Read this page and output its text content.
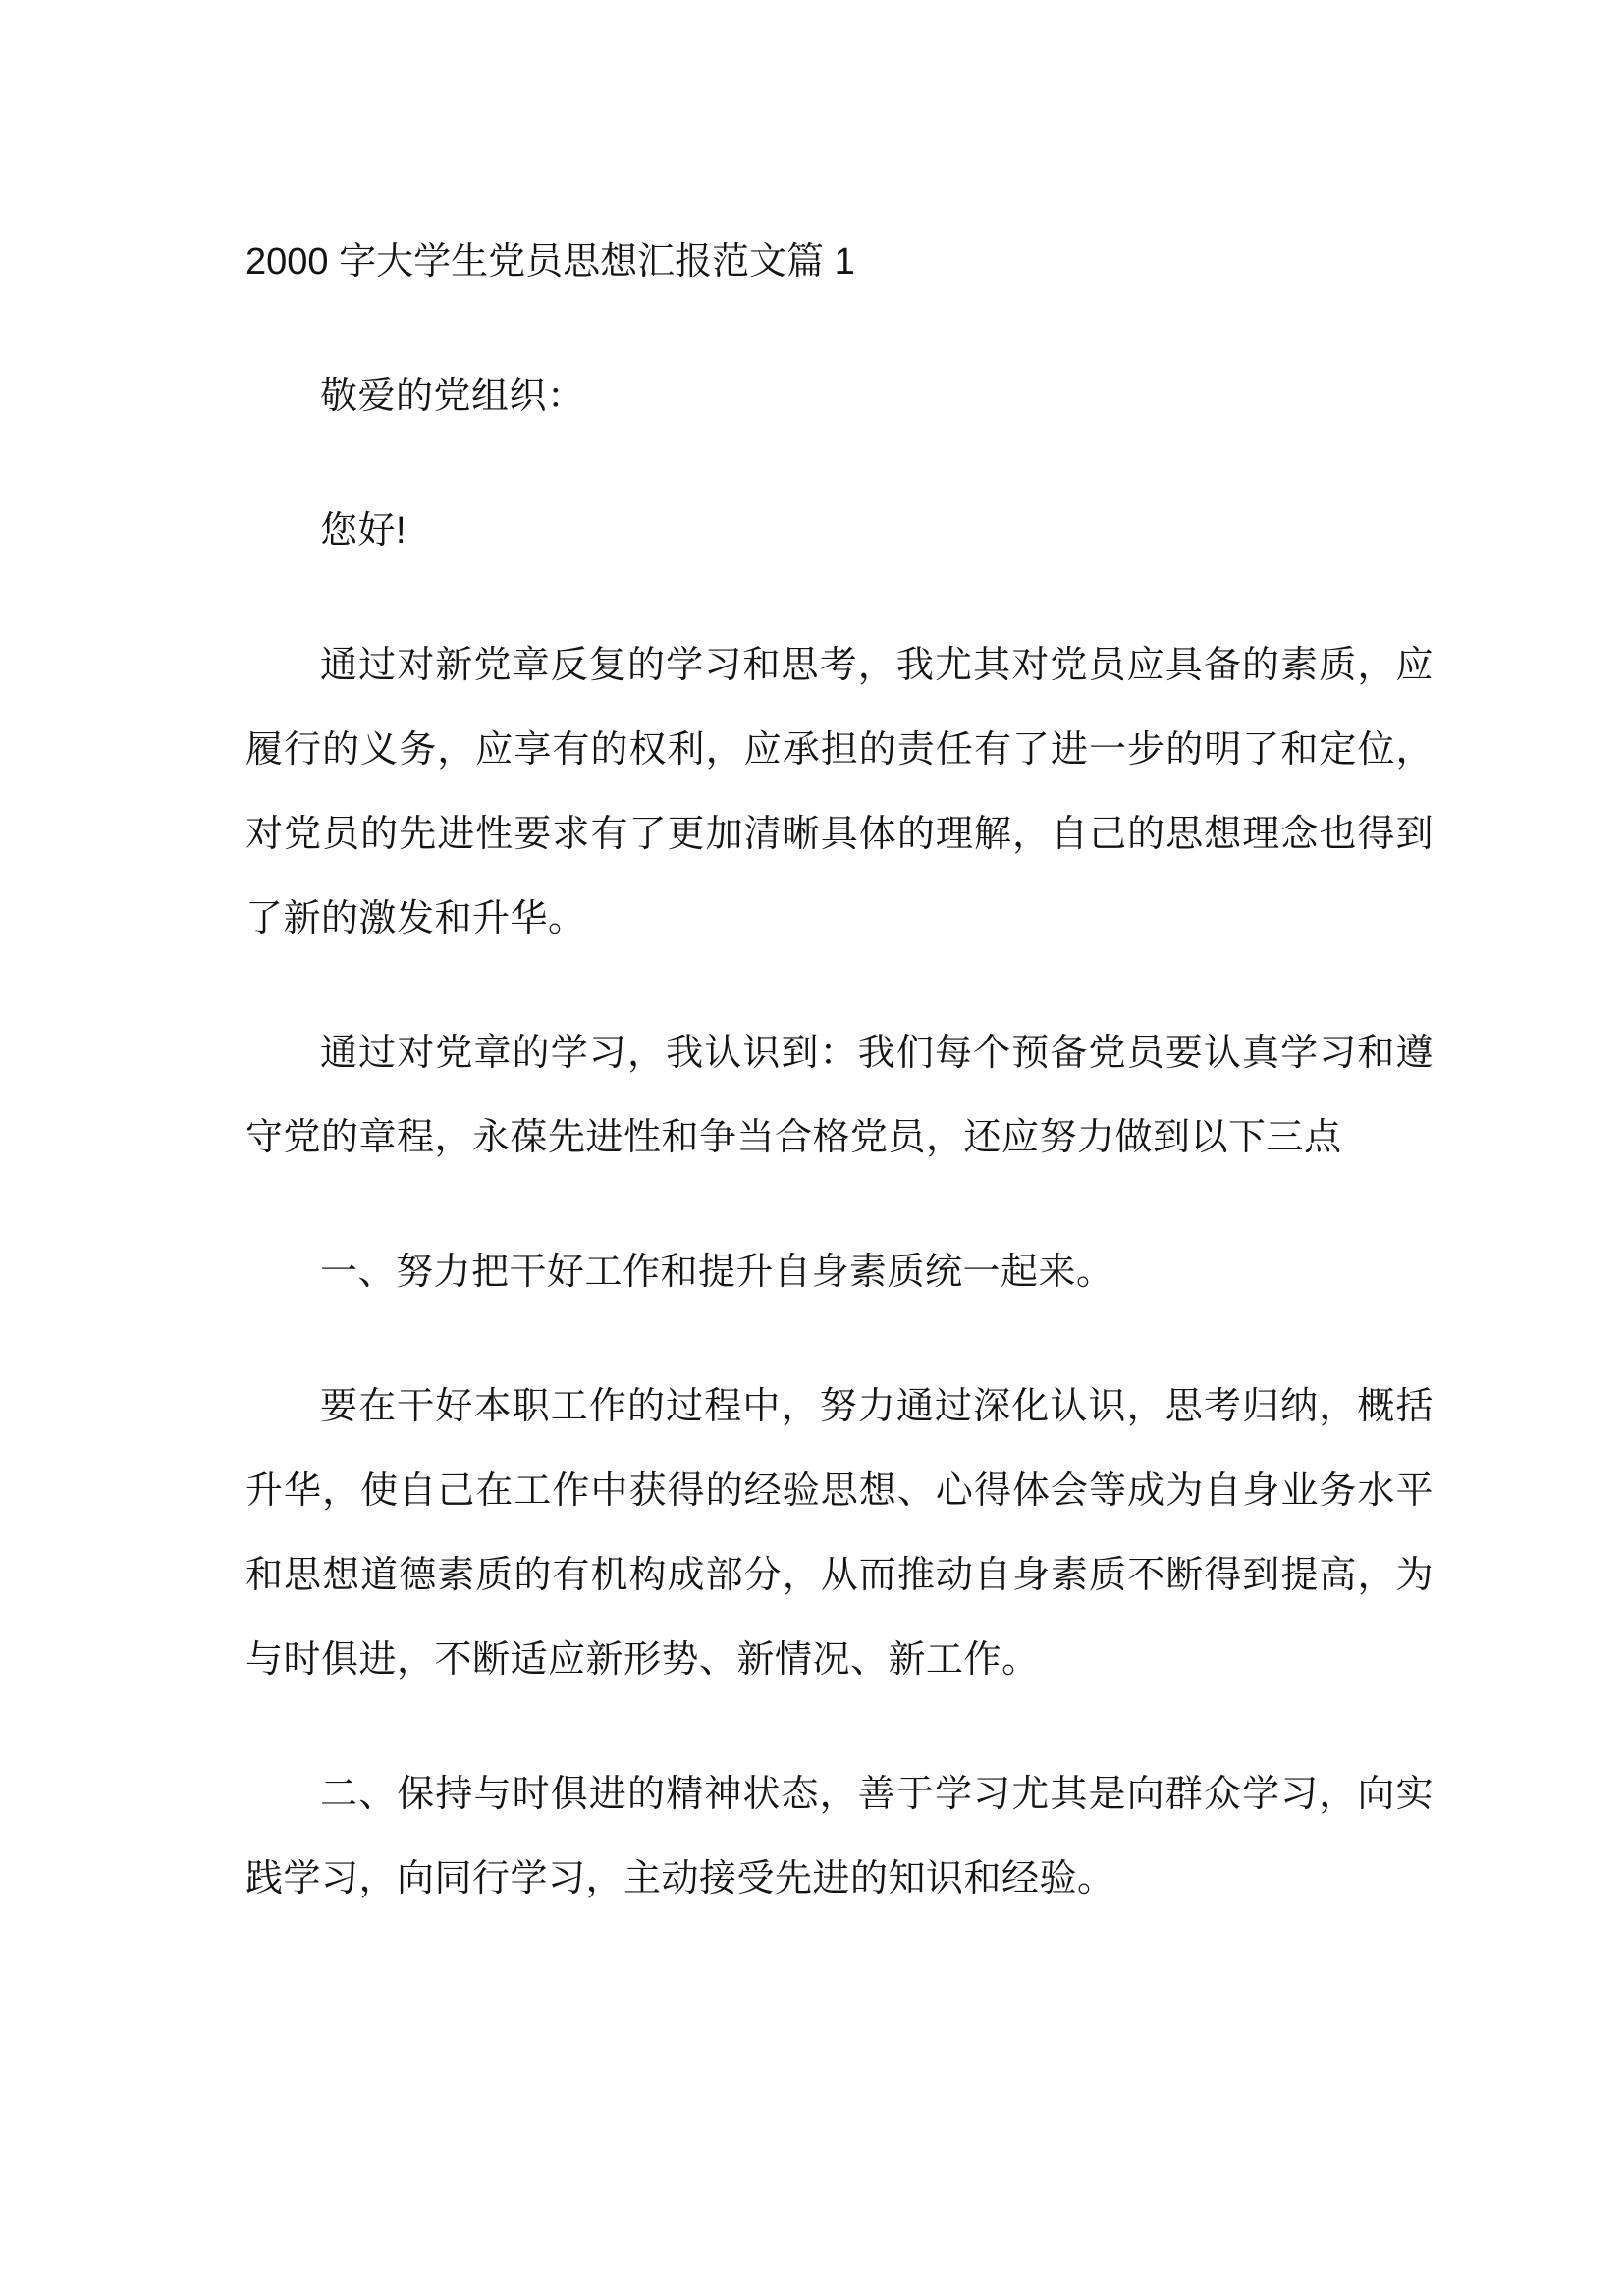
2000 字大学生党员思想汇报范文篇 1

敬爱的党组织：

您好!

通过对新党章反复的学习和思考，我尤其对党员应具备的素质，应履行的义务，应享有的权利，应承担的责任有了进一步的明了和定位，对党员的先进性要求有了更加清晰具体的理解，自己的思想理念也得到了新的激发和升华。

通过对党章的学习，我认识到：我们每个预备党员要认真学习和遵守党的章程，永葆先进性和争当合格党员，还应努力做到以下三点

一、努力把干好工作和提升自身素质统一起来。

要在干好本职工作的过程中，努力通过深化认识，思考归纳，概括升华，使自己在工作中获得的经验思想、心得体会等成为自身业务水平和思想道德素质的有机构成部分，从而推动自身素质不断得到提高，为与时俱进，不断适应新形势、新情况、新工作。

二、保持与时俱进的精神状态，善于学习尤其是向群众学习，向实践学习，向同行学习，主动接受先进的知识和经验。
